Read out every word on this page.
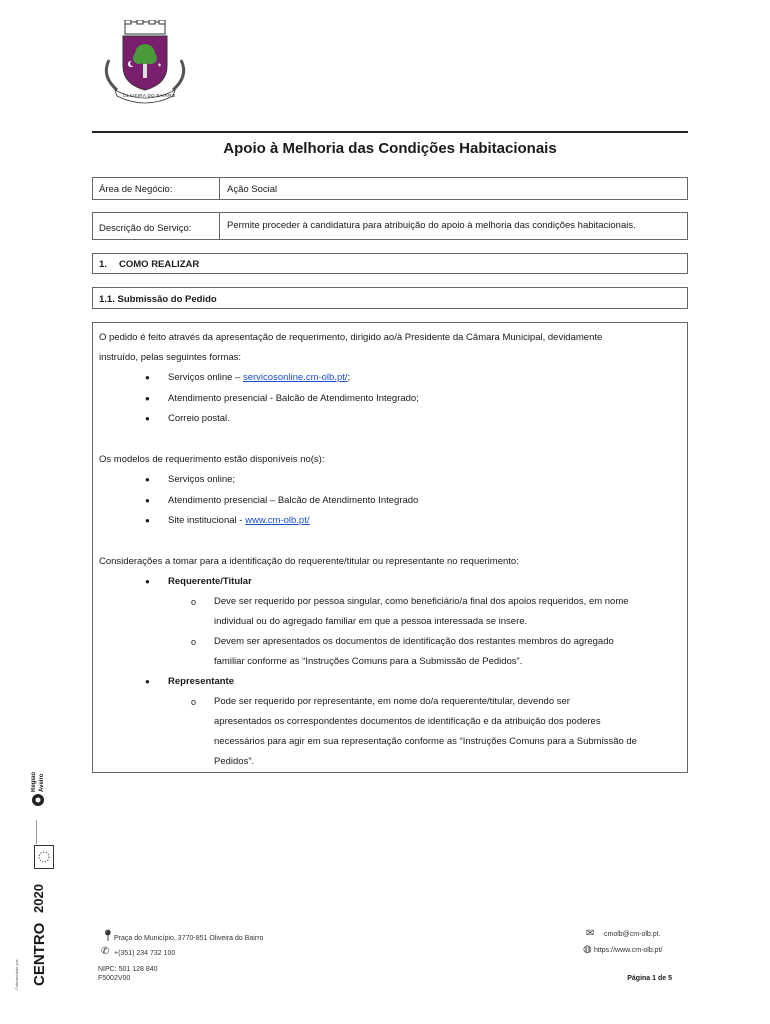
✶
OLIVEIRA DO BAIRRO
Apoio à Melhoria das Condições Habitacionais
Área de Negócio:	Ação Social
Descrição do Serviço:	Permite proceder à candidatura para atribuição do apoio à melhoria das condições habitacionais.
1. COMO REALIZAR
1.1. Submissão do Pedido
O pedido é feito através da apresentação de requerimento, dirigido ao/à Presidente da Câmara Municipal, devidamente
instruído, pelas seguintes formas:
● Serviços online – servicosonline.cm-olb.pt/;
● Atendimento presencial - Balcão de Atendimento Integrado;
● Correio postal.
Os modelos de requerimento estão disponíveis no(s):
● Serviços online;
● Atendimento presencial – Balcão de Atendimento Integrado
● Site institucional - www.cm-olb.pt/
Considerações a tomar para a identificação do requerente/titular ou representante no requerimento:
● Requerente/Titular
o Deve ser requerido por pessoa singular, como beneficiário/a final dos apoios requeridos, em nome
individual ou do agregado familiar em que a pessoa interessada se insere.
o Devem ser apresentados os documentos de identificação dos restantes membros do agregado
familiar conforme as “Instruções Comuns para a Submissão de Pedidos”.
● Representante
o Pode ser requerido por representante, em nome do/a requerente/titular, devendo ser
apresentados os correspondentes documentos de identificação e da atribuição dos poderes
necessários para agir em sua representação conforme as “Instruções Comuns para a Submissão de
Pedidos”.
Região Aveiro
2020
CENTRO
Cofinanciado por:
📍︎ Praça do Município, 3770-851 Oliveira do Bairro
✆ +(351) 234 732 100
NIPC: 501 128 840
F5002V00
✉ cmolb@cm-olb.pt.
◍ https://www.cm-olb.pt/
Página 1 de 5
